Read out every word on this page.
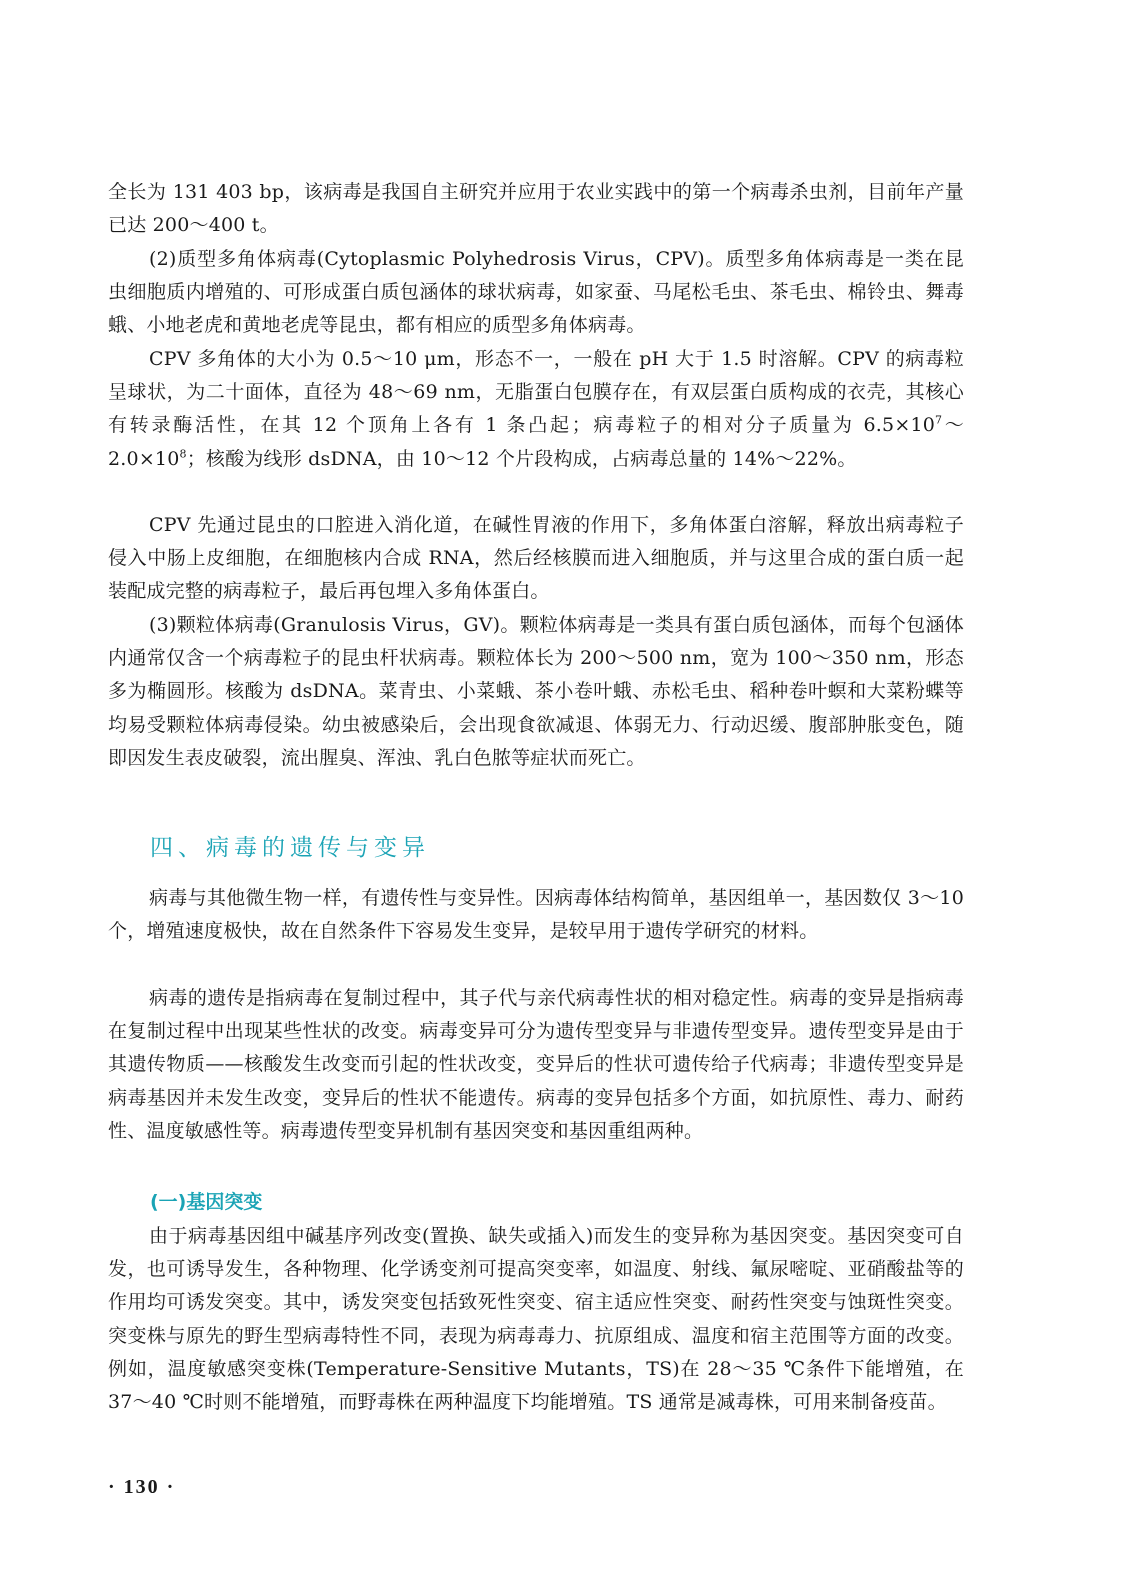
全长为 131 403 bp，该病毒是我国自主研究并应用于农业实践中的第一个病毒杀虫剂，目前年产量已达 200～400 t。

(2)质型多角体病毒(Cytoplasmic Polyhedrosis Virus，CPV)。质型多角体病毒是一类在昆虫细胞质内增殖的、可形成蛋白质包涵体的球状病毒，如家蚕、马尾松毛虫、茶毛虫、棉铃虫、舞毒蛾、小地老虎和黄地老虎等昆虫，都有相应的质型多角体病毒。

CPV 多角体的大小为 0.5～10 μm，形态不一，一般在 pH 大于 1.5 时溶解。CPV 的病毒粒呈球状，为二十面体，直径为 48～69 nm，无脂蛋白包膜存在，有双层蛋白质构成的衣壳，其核心有转录酶活性，在其 12 个顶角上各有 1 条凸起；病毒粒子的相对分子质量为 $6.5\times 10^7\sim 2.0\times 10^8$；核酸为线形 dsDNA，由 10～12 个片段构成，占病毒总量的 14%～22%。

CPV 先通过昆虫的口腔进入消化道，在碱性胃液的作用下，多角体蛋白溶解，释放出病毒粒子侵入中肠上皮细胞，在细胞核内合成 RNA，然后经核膜而进入细胞质，并与这里合成的蛋白质一起装配成完整的病毒粒子，最后再包埋入多角体蛋白。

(3)颗粒体病毒(Granulosis Virus，GV)。颗粒体病毒是一类具有蛋白质包涵体，而每个包涵体内通常仅含一个病毒粒子的昆虫杆状病毒。颗粒体长为 200～500 nm，宽为 100～350 nm，形态多为椭圆形。核酸为 dsDNA。菜青虫、小菜蛾、茶小卷叶蛾、赤松毛虫、稻种卷叶螟和大菜粉蝶等均易受颗粒体病毒侵染。幼虫被感染后，会出现食欲减退、体弱无力、行动迟缓、腹部肿胀变色，随即因发生表皮破裂，流出腥臭、浑浊、乳白色脓等症状而死亡。

四、病毒的遗传与变异

病毒与其他微生物一样，有遗传性与变异性。因病毒体结构简单，基因组单一，基因数仅 3～10 个，增殖速度极快，故在自然条件下容易发生变异，是较早用于遗传学研究的材料。

病毒的遗传是指病毒在复制过程中，其子代与亲代病毒性状的相对稳定性。病毒的变异是指病毒在复制过程中出现某些性状的改变。病毒变异可分为遗传型变异与非遗传型变异。遗传型变异是由于其遗传物质——核酸发生改变而引起的性状改变，变异后的性状可遗传给子代病毒；非遗传型变异是病毒基因并未发生改变，变异后的性状不能遗传。病毒的变异包括多个方面，如抗原性、毒力、耐药性、温度敏感性等。病毒遗传型变异机制有基因突变和基因重组两种。

(一)基因突变

由于病毒基因组中碱基序列改变(置换、缺失或插入)而发生的变异称为基因突变。基因突变可自发，也可诱导发生，各种物理、化学诱变剂可提高突变率，如温度、射线、氟尿嘧啶、亚硝酸盐等的作用均可诱发突变。其中，诱发突变包括致死性突变、宿主适应性突变、耐药性突变与蚀斑性突变。突变株与原先的野生型病毒特性不同，表现为病毒毒力、抗原组成、温度和宿主范围等方面的改变。例如，温度敏感突变株(Temperature-Sensitive Mutants，TS)在 28～35 ℃条件下能增殖，在 37～40 ℃时则不能增殖，而野毒株在两种温度下均能增殖。TS 通常是减毒株，可用来制备疫苗。

· 130 ·
